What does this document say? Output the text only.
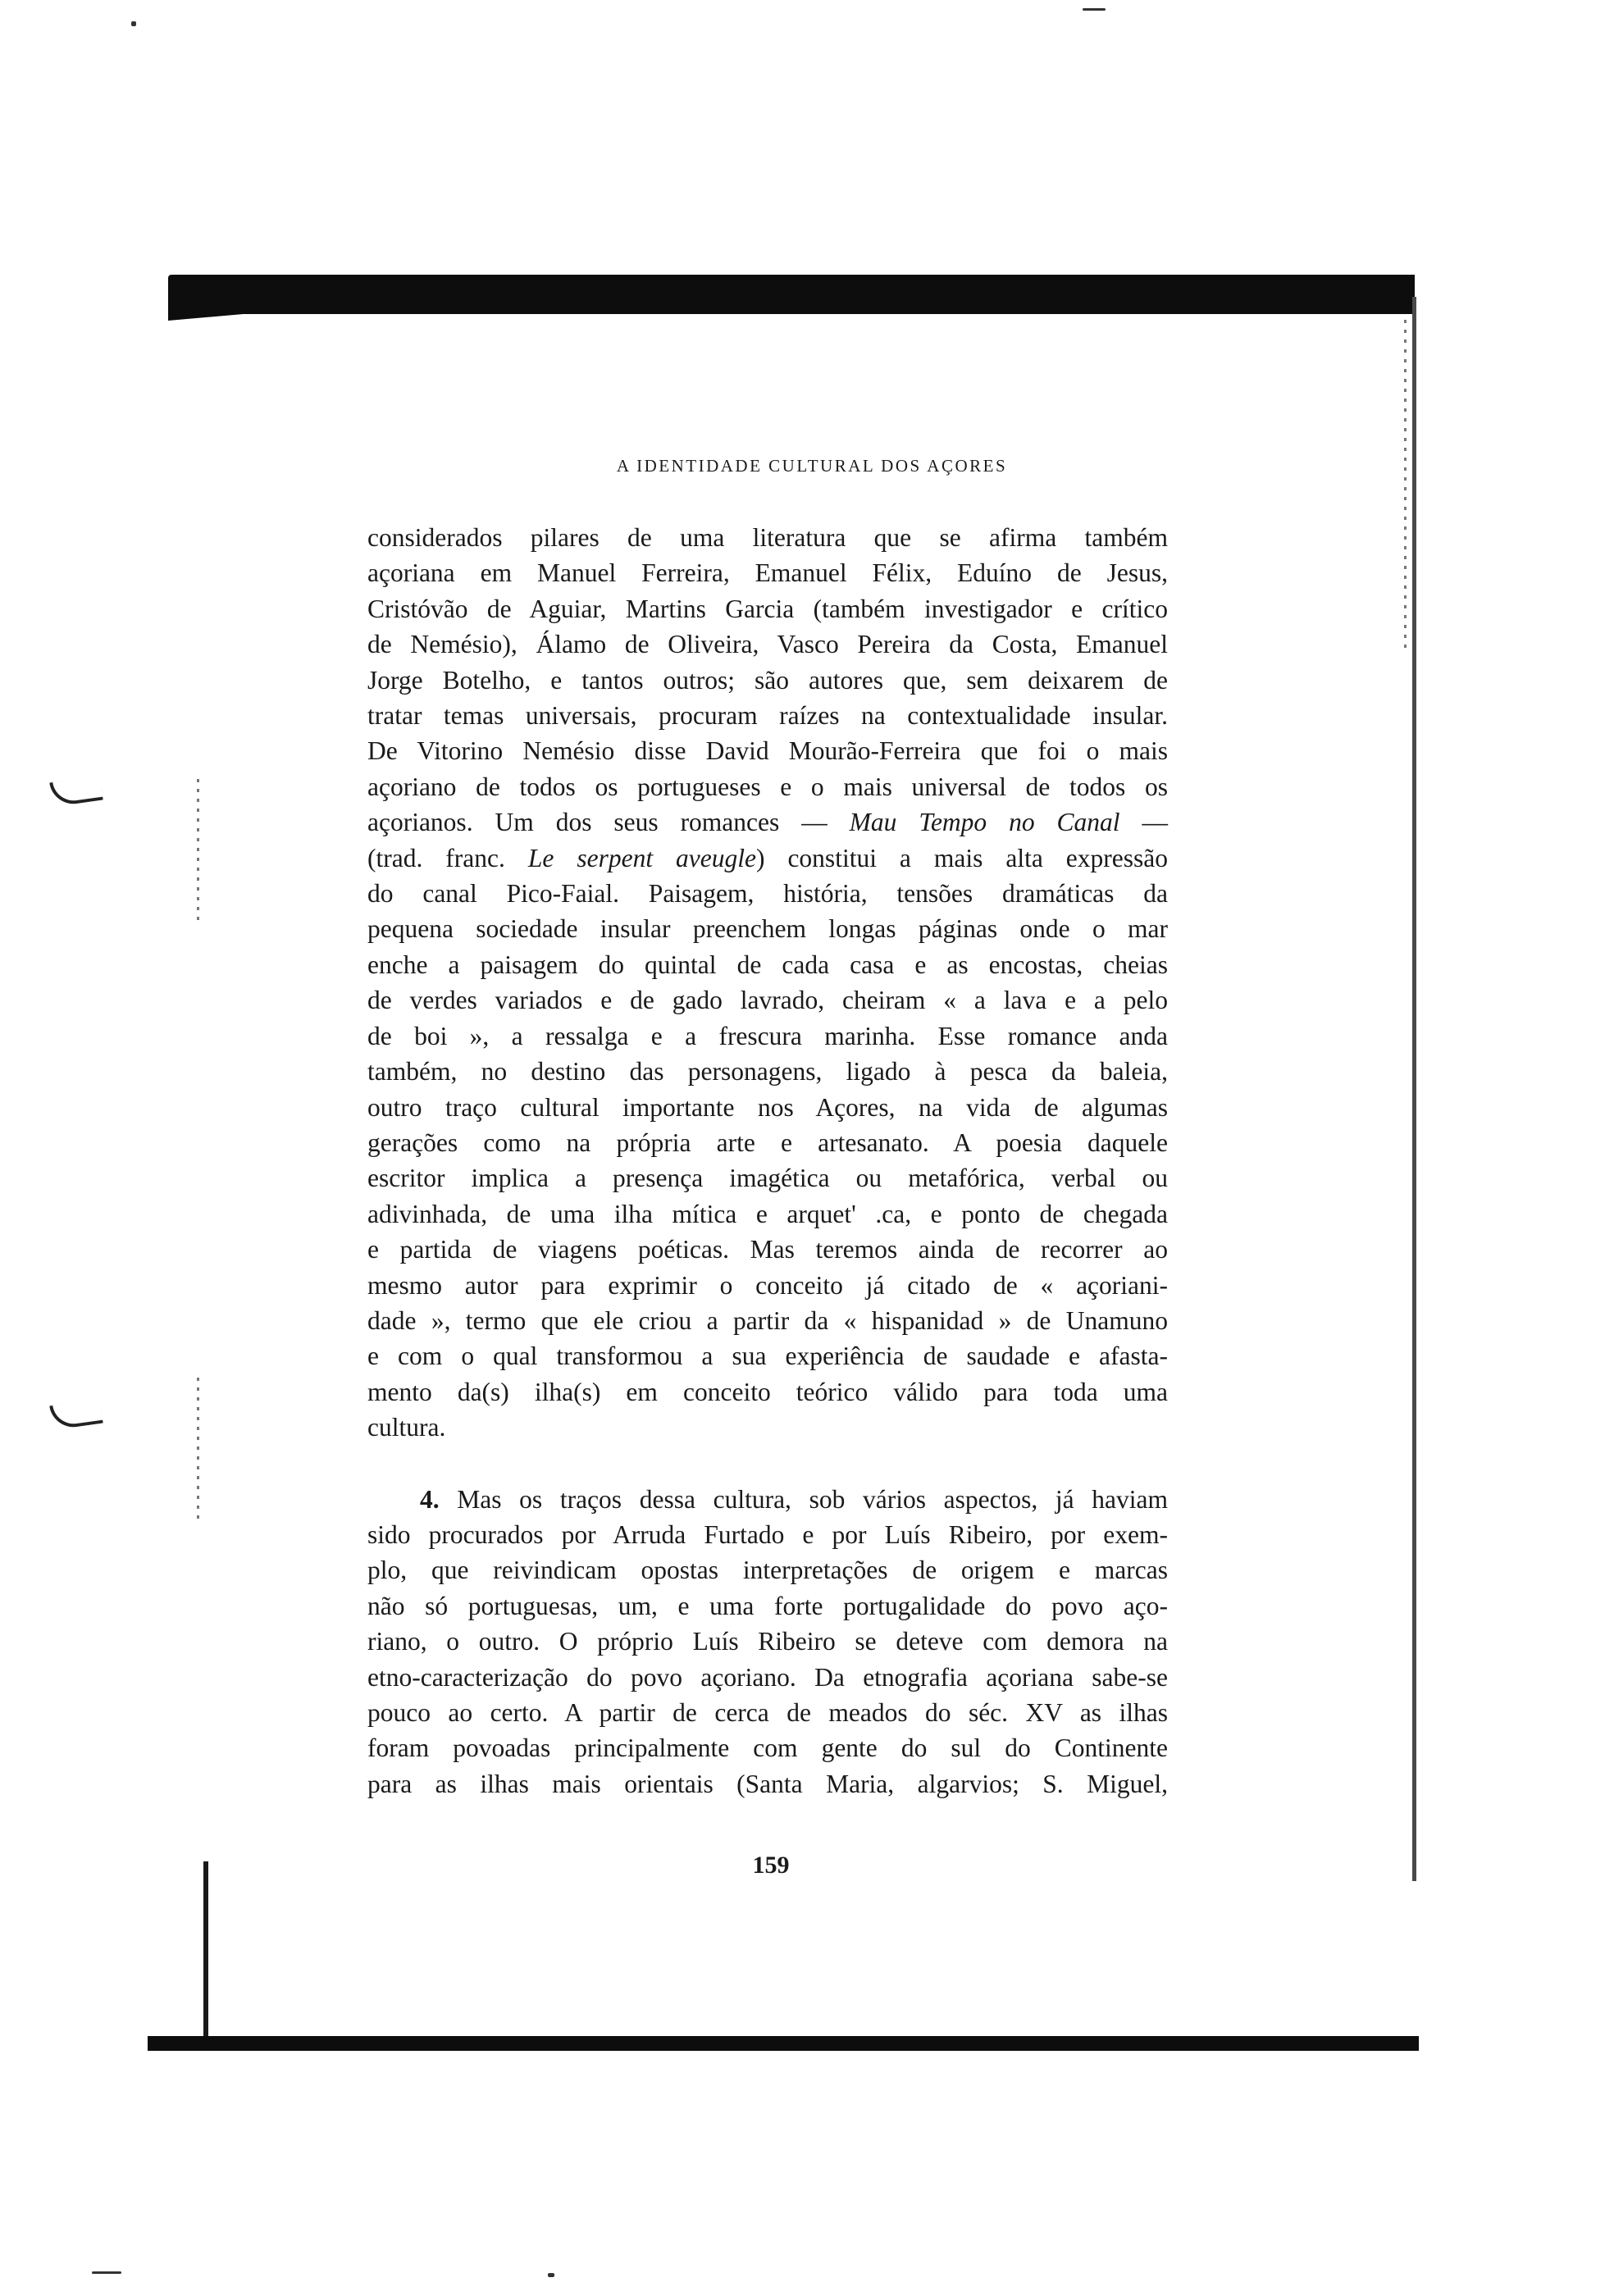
A IDENTIDADE CULTURAL DOS AÇORES
considerados pilares de uma literatura que se afirma também
açoriana em Manuel Ferreira, Emanuel Félix, Eduíno de Jesus,
Cristóvão de Aguiar, Martins Garcia (também investigador e crítico
de Nemésio), Álamo de Oliveira, Vasco Pereira da Costa, Emanuel
Jorge Botelho, e tantos outros; são autores que, sem deixarem de
tratar temas universais, procuram raízes na contextualidade insular.
De Vitorino Nemésio disse David Mourão-Ferreira que foi o mais
açoriano de todos os portugueses e o mais universal de todos os
açorianos. Um dos seus romances — Mau Tempo no Canal —
(trad. franc. Le serpent aveugle) constitui a mais alta expressão
do canal Pico-Faial. Paisagem, história, tensões dramáticas da
pequena sociedade insular preenchem longas páginas onde o mar
enche a paisagem do quintal de cada casa e as encostas, cheias
de verdes variados e de gado lavrado, cheiram « a lava e a pelo
de boi », a ressalga e a frescura marinha. Esse romance anda
também, no destino das personagens, ligado à pesca da baleia,
outro traço cultural importante nos Açores, na vida de algumas
gerações como na própria arte e artesanato. A poesia daquele
escritor implica a presença imagética ou metafórica, verbal ou
adivinhada, de uma ilha mítica e arquet' .ca, e ponto de chegada
e partida de viagens poéticas. Mas teremos ainda de recorrer ao
mesmo autor para exprimir o conceito já citado de « açoriani-
dade », termo que ele criou a partir da « hispanidad » de Unamuno
e com o qual transformou a sua experiência de saudade e afasta-
mento da(s) ilha(s) em conceito teórico válido para toda uma
cultura.
4. Mas os traços dessa cultura, sob vários aspectos, já haviam
sido procurados por Arruda Furtado e por Luís Ribeiro, por exem-
plo, que reivindicam opostas interpretações de origem e marcas
não só portuguesas, um, e uma forte portugalidade do povo aço-
riano, o outro. O próprio Luís Ribeiro se deteve com demora na
etno-caracterização do povo açoriano. Da etnografia açoriana sabe-se
pouco ao certo. A partir de cerca de meados do séc. XV as ilhas
foram povoadas principalmente com gente do sul do Continente
para as ilhas mais orientais (Santa Maria, algarvios; S. Miguel,
159
